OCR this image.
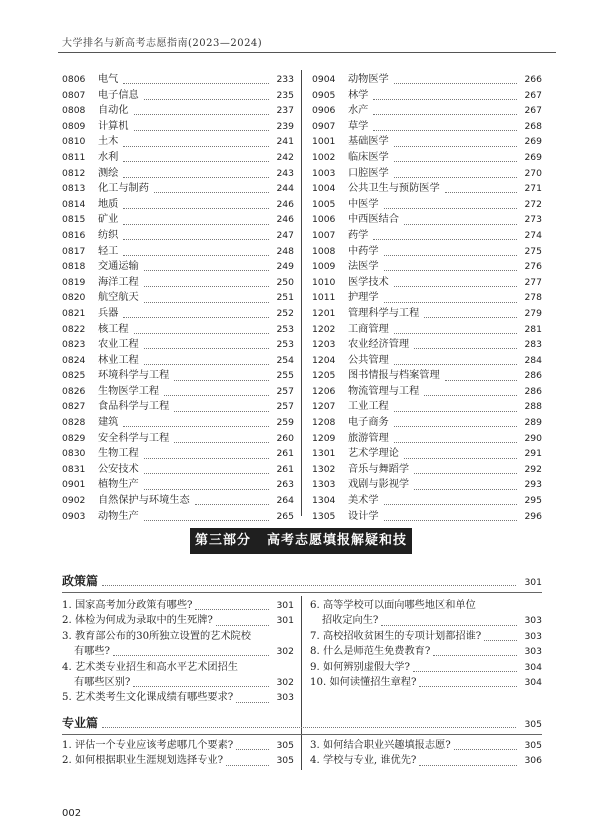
大学排名与新高考志愿指南(2023—2024)
0806	电气	233
0807	电子信息	235
0808	自动化	237
0809	计算机	239
0810	土木	241
0811	水利	242
0812	测绘	243
0813	化工与制药	244
0814	地质	246
0815	矿业	246
0816	纺织	247
0817	轻工	248
0818	交通运输	249
0819	海洋工程	250
0820	航空航天	251
0821	兵器	252
0822	核工程	253
0823	农业工程	253
0824	林业工程	254
0825	环境科学与工程	255
0826	生物医学工程	257
0827	食品科学与工程	257
0828	建筑	259
0829	安全科学与工程	260
0830	生物工程	261
0831	公安技术	261
0901	植物生产	263
0902	自然保护与环境生态	264
0903	动物生产	265
0904	动物医学	266
0905	林学	267
0906	水产	267
0907	草学	268
1001	基础医学	269
1002	临床医学	269
1003	口腔医学	270
1004	公共卫生与预防医学	271
1005	中医学	272
1006	中西医结合	273
1007	药学	274
1008	中药学	275
1009	法医学	276
1010	医学技术	277
1011	护理学	278
1201	管理科学与工程	279
1202	工商管理	281
1203	农业经济管理	283
1204	公共管理	284
1205	图书情报与档案管理	286
1206	物流管理与工程	286
1207	工业工程	288
1208	电子商务	289
1209	旅游管理	290
1301	艺术学理论	291
1302	音乐与舞蹈学	292
1303	戏剧与影视学	293
1304	美术学	295
1305	设计学	296
第三部分 高考志愿填报解疑和技巧
政策篇	301
1. 国家高考加分政策有哪些?	301
2. 体检为何成为录取中的生死牌?	301
3. 教育部公布的30所独立设置的艺术院校
有哪些?	302
4. 艺术类专业招生和高水平艺术团招生
有哪些区别?	302
5. 艺术类考生文化课成绩有哪些要求?	303
6. 高等学校可以面向哪些地区和单位
招收定向生?	303
7. 高校招收贫困生的专项计划都招谁?	303
8. 什么是师范生免费教育?	303
9. 如何辨别虚假大学?	304
10. 如何读懂招生章程?	304
专业篇	305
1. 评估一个专业应该考虑哪几个要素?	305
2. 如何根据职业生涯规划选择专业?	305
3. 如何结合职业兴趣填报志愿?	305
4. 学校与专业, 谁优先?	306
002
